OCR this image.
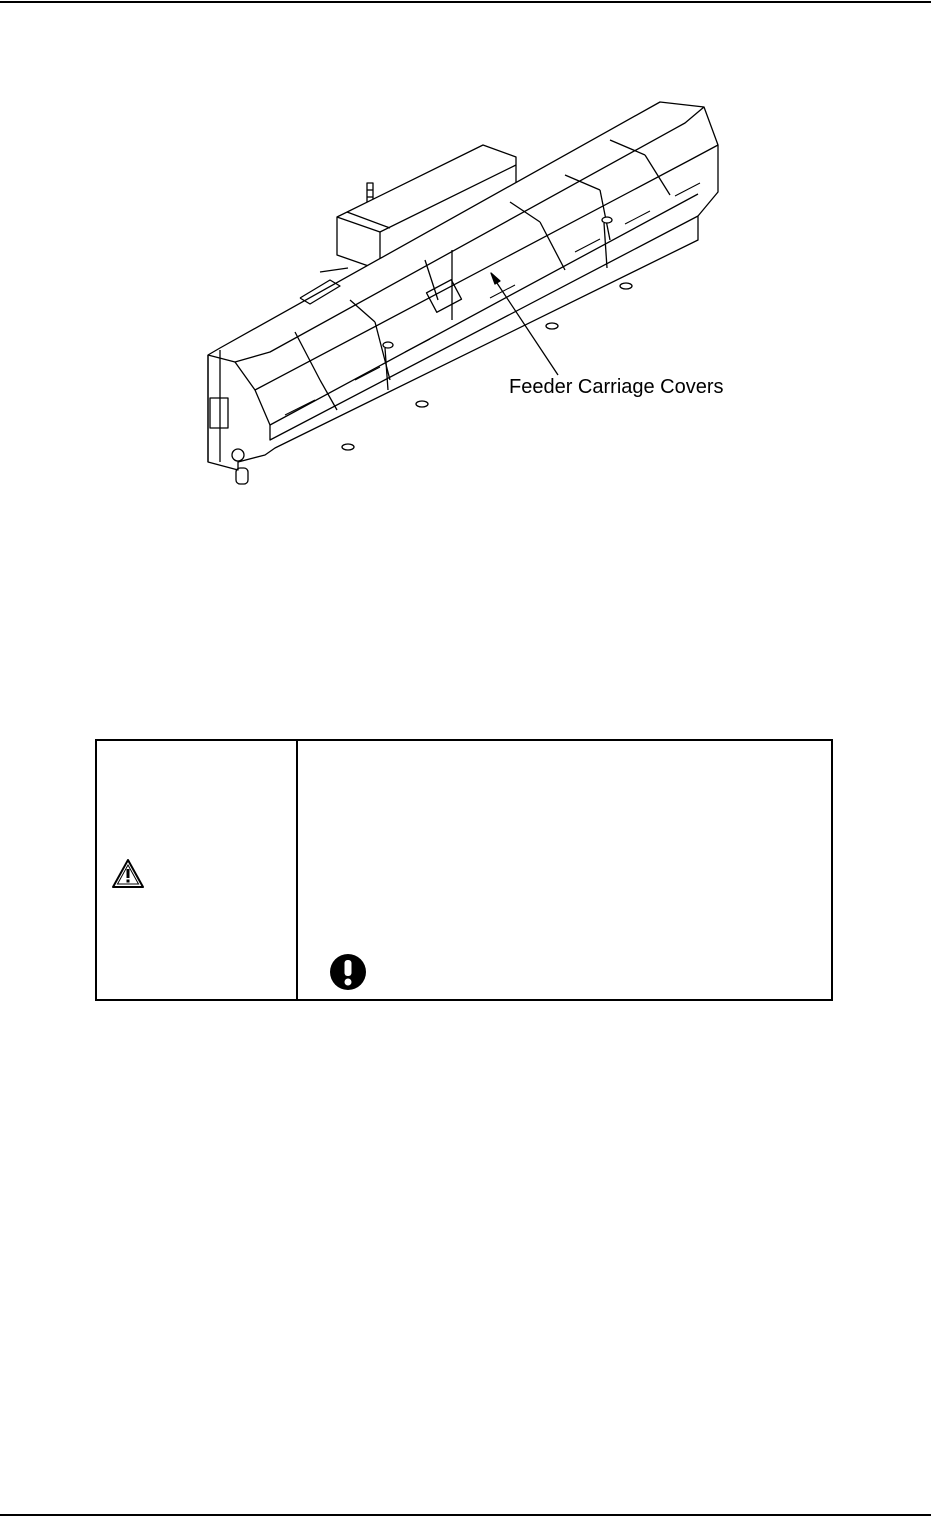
Feeder Carriage Covers
